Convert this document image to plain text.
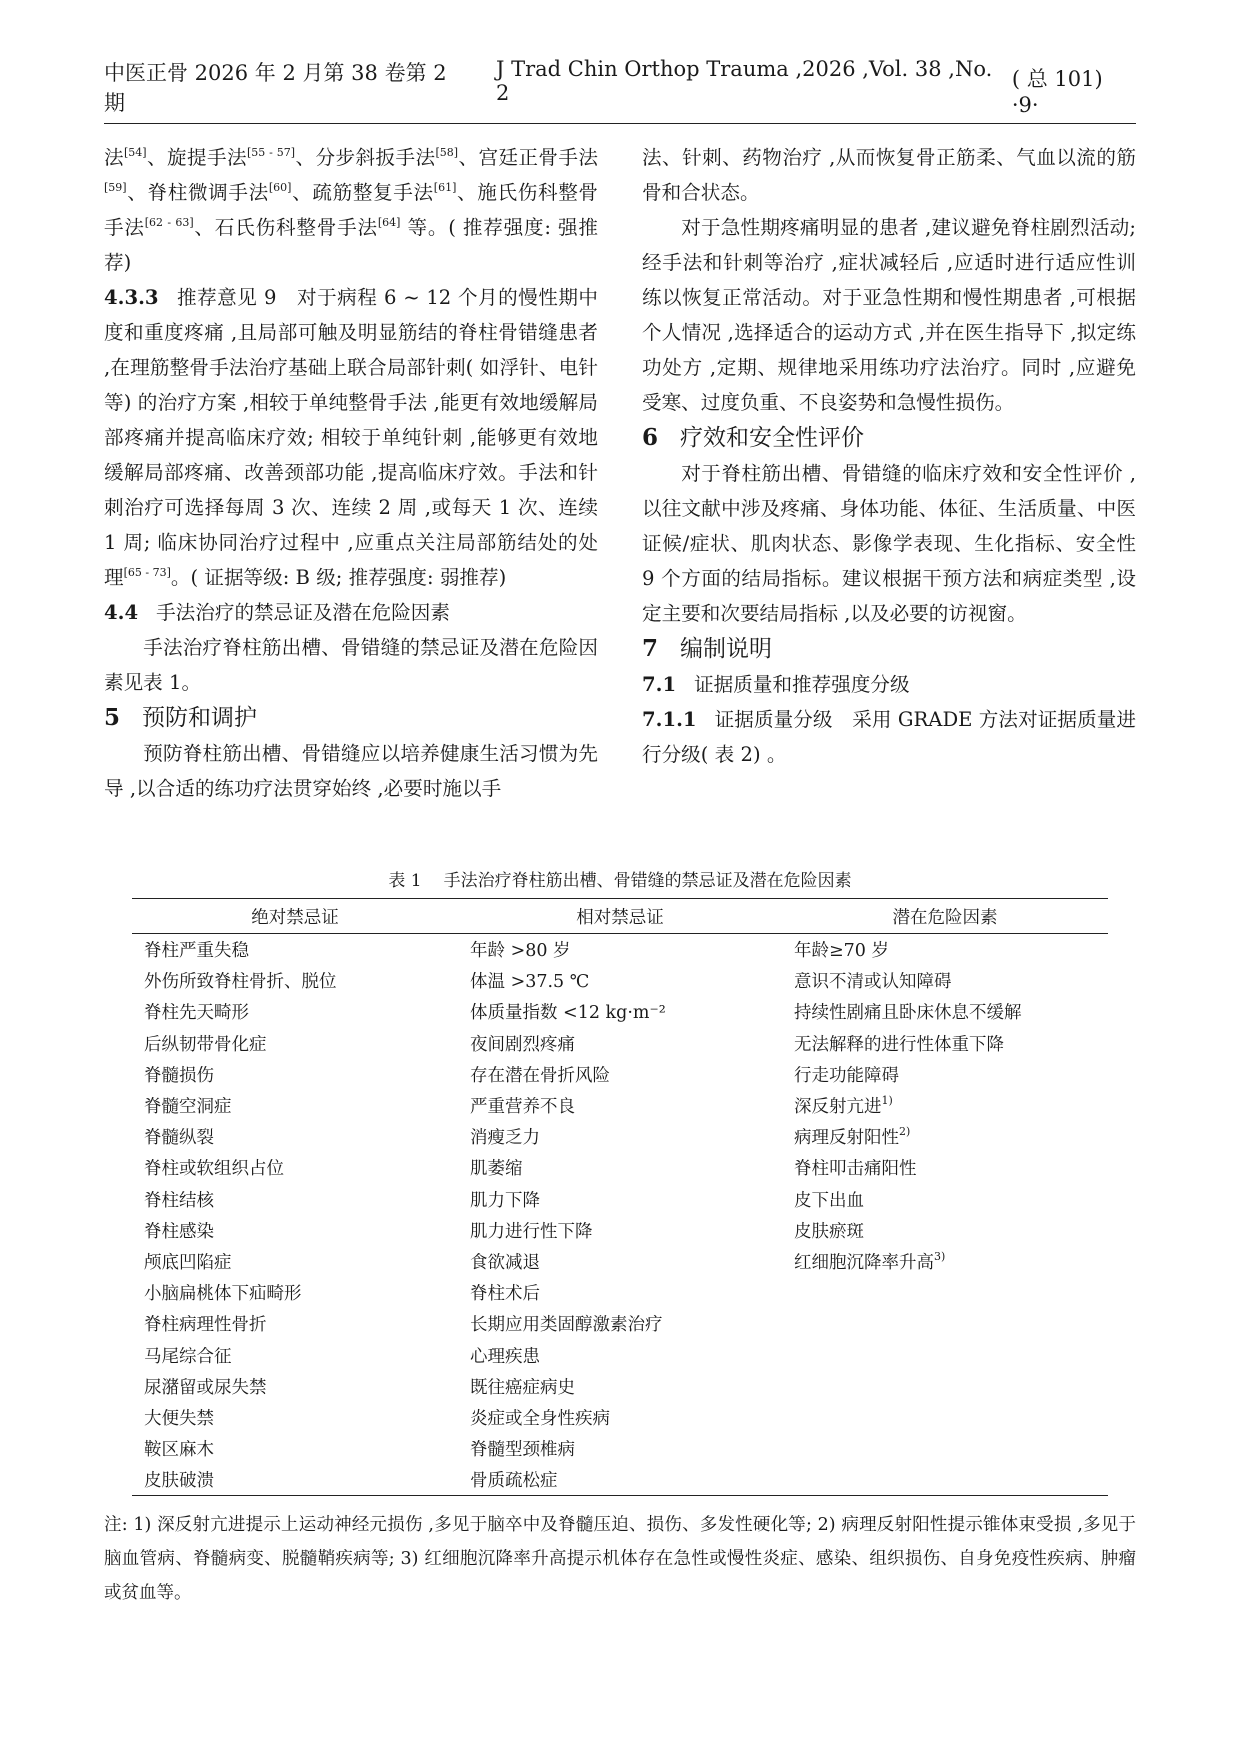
中医正骨 2026 年 2 月第 38 卷第 2 期
J Trad Chin Orthop Trauma ,2026 ,Vol. 38 ,No. 2
( 总 101) ·9·

法[54]、旋提手法[55 - 57]、分步斜扳手法[58]、宫廷正骨手法[59]、脊柱微调手法[60]、疏筋整复手法[61]、施氏伤科整骨手法[62 - 63]、石氏伤科整骨手法[64] 等。( 推荐强度: 强推荐)

4.3.3 推荐意见 9　对于病程 6 ~ 12 个月的慢性期中度和重度疼痛 ,且局部可触及明显筋结的脊柱骨错缝患者 ,在理筋整骨手法治疗基础上联合局部针刺( 如浮针、电针等) 的治疗方案 ,相较于单纯整骨手法 ,能更有效地缓解局部疼痛并提高临床疗效; 相较于单纯针刺 ,能够更有效地缓解局部疼痛、改善颈部功能 ,提高临床疗效。手法和针刺治疗可选择每周 3 次、连续 2 周 ,或每天 1 次、连续 1 周; 临床协同治疗过程中 ,应重点关注局部筋结处的处理[65 - 73]。( 证据等级: B 级; 推荐强度: 弱推荐)

4.4 手法治疗的禁忌证及潜在危险因素

手法治疗脊柱筋出槽、骨错缝的禁忌证及潜在危险因素见表 1。

5 预防和调护

预防脊柱筋出槽、骨错缝应以培养健康生活习惯为先导 ,以合适的练功疗法贯穿始终 ,必要时施以手

法、针刺、药物治疗 ,从而恢复骨正筋柔、气血以流的筋骨和合状态。

对于急性期疼痛明显的患者 ,建议避免脊柱剧烈活动; 经手法和针刺等治疗 ,症状减轻后 ,应适时进行适应性训练以恢复正常活动。对于亚急性期和慢性期患者 ,可根据个人情况 ,选择适合的运动方式 ,并在医生指导下 ,拟定练功处方 ,定期、规律地采用练功疗法治疗。同时 ,应避免受寒、过度负重、不良姿势和急慢性损伤。

6 疗效和安全性评价

对于脊柱筋出槽、骨错缝的临床疗效和安全性评价 ,以往文献中涉及疼痛、身体功能、体征、生活质量、中医证候/症状、肌肉状态、影像学表现、生化指标、安全性 9 个方面的结局指标。建议根据干预方法和病症类型 ,设定主要和次要结局指标 ,以及必要的访视窗。

7 编制说明

7.1 证据质量和推荐强度分级

7.1.1 证据质量分级　采用 GRADE 方法对证据质量进行分级( 表 2) 。

表 1 手法治疗脊柱筋出槽、骨错缝的禁忌证及潜在危险因素
绝对禁忌证	相对禁忌证	潜在危险因素
脊柱严重失稳	年龄 >80 岁	年龄≥70 岁
外伤所致脊柱骨折、脱位	体温 >37.5 ℃	意识不清或认知障碍
脊柱先天畸形	体质量指数 <12 kg·m⁻²	持续性剧痛且卧床休息不缓解
后纵韧带骨化症	夜间剧烈疼痛	无法解释的进行性体重下降
脊髓损伤	存在潜在骨折风险	行走功能障碍
脊髓空洞症	严重营养不良	深反射亢进$^{1)}$
脊髓纵裂	消瘦乏力	病理反射阳性$^{2)}$
脊柱或软组织占位	肌萎缩	脊柱叩击痛阳性
脊柱结核	肌力下降	皮下出血
脊柱感染	肌力进行性下降	皮肤瘀斑
颅底凹陷症	食欲减退	红细胞沉降率升高$^{3)}$
小脑扁桃体下疝畸形	脊柱术后	
脊柱病理性骨折	长期应用类固醇激素治疗	
马尾综合征	心理疾患	
尿潴留或尿失禁	既往癌症病史	
大便失禁	炎症或全身性疾病	
鞍区麻木	脊髓型颈椎病	
皮肤破溃	骨质疏松症	
注: 1) 深反射亢进提示上运动神经元损伤 ,多见于脑卒中及脊髓压迫、损伤、多发性硬化等; 2) 病理反射阳性提示锥体束受损 ,多见于脑血管病、脊髓病变、脱髓鞘疾病等; 3) 红细胞沉降率升高提示机体存在急性或慢性炎症、感染、组织损伤、自身免疫性疾病、肿瘤或贫血等。
